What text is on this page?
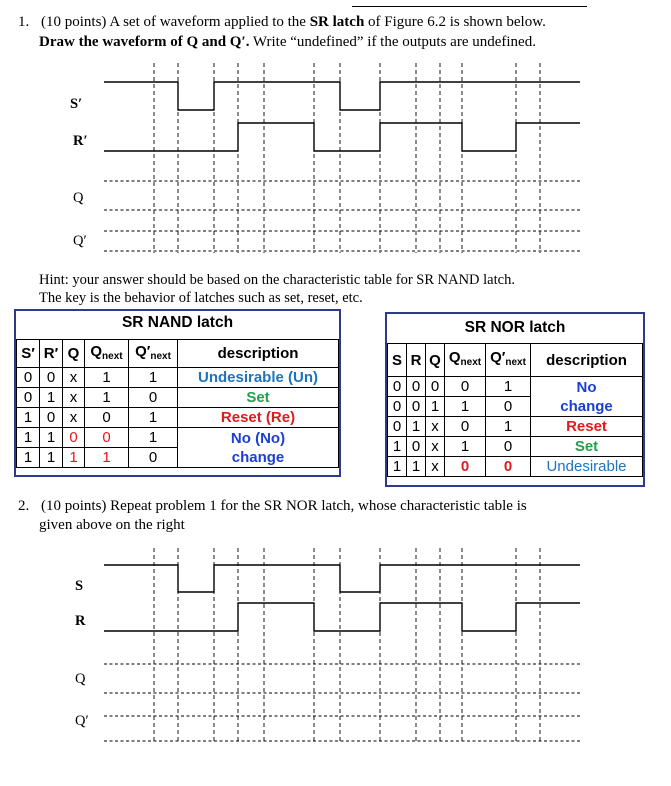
1. (10 points) A set of waveform applied to the SR latch of Figure 6.2 is shown below.
Draw the waveform of Q and Q′. Write “undefined” if the outputs are undefined.
S′
R′
Q
Q′
Hint: your answer should be based on the characteristic table for SR NAND latch.
The key is the behavior of latches such as set, reset, etc.
SR NAND latch
S′	R′	Q	$Q_{next}$	$Q'_{next}$	description
0	0	x	1	1	Undesirable (Un)
0	1	x	1	0	Set
1	0	x	0	1	Reset (Re)
1	1	0	0	1	No (No)
change
1	1	1	1	0	
SR NOR latch
S	R	Q	$Q_{next}$	$Q'_{next}$	description
0	0	0	0	1	No
change
0	0	1	1	0	
0	1	x	0	1	Reset
1	0	x	1	0	Set
1	1	x	0	0	Undesirable
2. (10 points) Repeat problem 1 for the SR NOR latch, whose characteristic table is
given above on the right
S
R
Q
Q′
